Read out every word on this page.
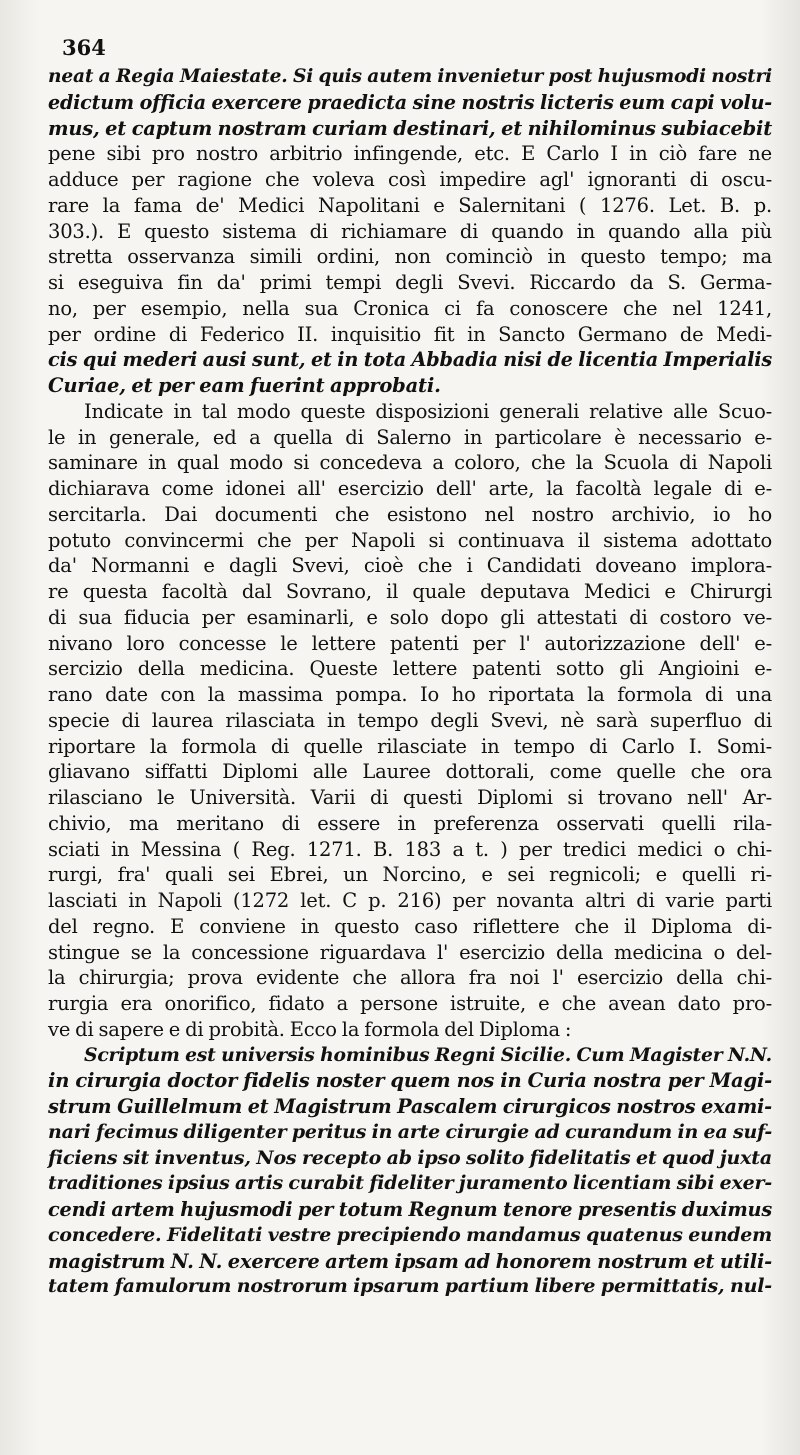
364
neat a Regia Maiestate. Si quis autem invenietur post hujusmodi nostri
edictum officia exercere praedicta sine nostris licteris eum capi volu-
mus, et captum nostram curiam destinari, et nihilominus subiacebit
pene sibi pro nostro arbitrio infingende, etc. E Carlo I in ciò fare ne
adduce per ragione che voleva così impedire agl' ignoranti di oscu-
rare la fama de' Medici Napolitani e Salernitani ( 1276. Let. B. p.
303.). E questo sistema di richiamare di quando in quando alla più
stretta osservanza simili ordini, non cominciò in questo tempo; ma
si eseguiva fin da' primi tempi degli Svevi. Riccardo da S. Germa-
no, per esempio, nella sua Cronica ci fa conoscere che nel 1241,
per ordine di Federico II. inquisitio fit in Sancto Germano de Medi-
cis qui mederi ausi sunt, et in tota Abbadia nisi de licentia Imperialis
Curiae, et per eam fuerint approbati.
Indicate in tal modo queste disposizioni generali relative alle Scuo-
le in generale, ed a quella di Salerno in particolare è necessario e-
saminare in qual modo si concedeva a coloro, che la Scuola di Napoli
dichiarava come idonei all' esercizio dell' arte, la facoltà legale di e-
sercitarla. Dai documenti che esistono nel nostro archivio, io ho
potuto convincermi che per Napoli si continuava il sistema adottato
da' Normanni e dagli Svevi, cioè che i Candidati doveano implora-
re questa facoltà dal Sovrano, il quale deputava Medici e Chirurgi
di sua fiducia per esaminarli, e solo dopo gli attestati di costoro ve-
nivano loro concesse le lettere patenti per l' autorizzazione dell' e-
sercizio della medicina. Queste lettere patenti sotto gli Angioini e-
rano date con la massima pompa. Io ho riportata la formola di una
specie di laurea rilasciata in tempo degli Svevi, nè sarà superfluo di
riportare la formola di quelle rilasciate in tempo di Carlo I. Somi-
gliavano siffatti Diplomi alle Lauree dottorali, come quelle che ora
rilasciano le Università. Varii di questi Diplomi si trovano nell' Ar-
chivio, ma meritano di essere in preferenza osservati quelli rila-
sciati in Messina ( Reg. 1271. B. 183 a t. ) per tredici medici o chi-
rurgi, fra' quali sei Ebrei, un Norcino, e sei regnicoli; e quelli ri-
lasciati in Napoli (1272 let. C p. 216) per novanta altri di varie parti
del regno. E conviene in questo caso riflettere che il Diploma di-
stingue se la concessione riguardava l' esercizio della medicina o del-
la chirurgia; prova evidente che allora fra noi l' esercizio della chi-
rurgia era onorifico, fidato a persone istruite, e che avean dato pro-
ve di sapere e di probità. Ecco la formola del Diploma :
Scriptum est universis hominibus Regni Sicilie. Cum Magister N.N.
in cirurgia doctor fidelis noster quem nos in Curia nostra per Magi-
strum Guillelmum et Magistrum Pascalem cirurgicos nostros exami-
nari fecimus diligenter peritus in arte cirurgie ad curandum in ea suf-
ficiens sit inventus, Nos recepto ab ipso solito fidelitatis et quod juxta
traditiones ipsius artis curabit fideliter juramento licentiam sibi exer-
cendi artem hujusmodi per totum Regnum tenore presentis duximus
concedere. Fidelitati vestre precipiendo mandamus quatenus eundem
magistrum N. N. exercere artem ipsam ad honorem nostrum et utili-
tatem famulorum nostrorum ipsarum partium libere permittatis, nul-
